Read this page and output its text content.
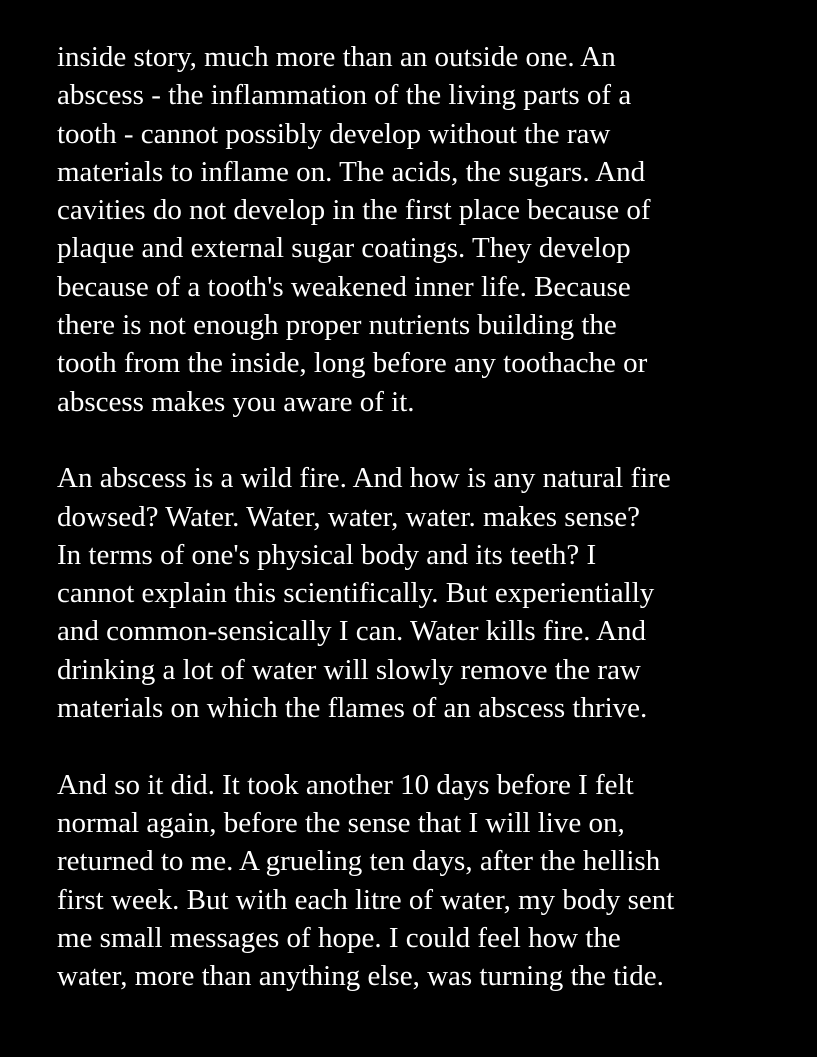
inside story, much more than an outside one. An
abscess - the inflammation of the living parts of a
tooth - cannot possibly develop without the raw
materials to inflame on. The acids, the sugars. And
cavities do not develop in the first place because of
plaque and external sugar coatings. They develop
because of a tooth's weakened inner life. Because
there is not enough proper nutrients building the
tooth from the inside, long before any toothache or
abscess makes you aware of it.
An abscess is a wild fire. And how is any natural fire
dowsed? Water. Water, water, water. makes sense?
In terms of one's physical body and its teeth? I
cannot explain this scientifically. But experientially
and common-sensically I can. Water kills fire. And
drinking a lot of water will slowly remove the raw
materials on which the flames of an abscess thrive.
And so it did. It took another 10 days before I felt
normal again, before the sense that I will live on,
returned to me. A grueling ten days, after the hellish
first week. But with each litre of water, my body sent
me small messages of hope. I could feel how the
water, more than anything else, was turning the tide.
